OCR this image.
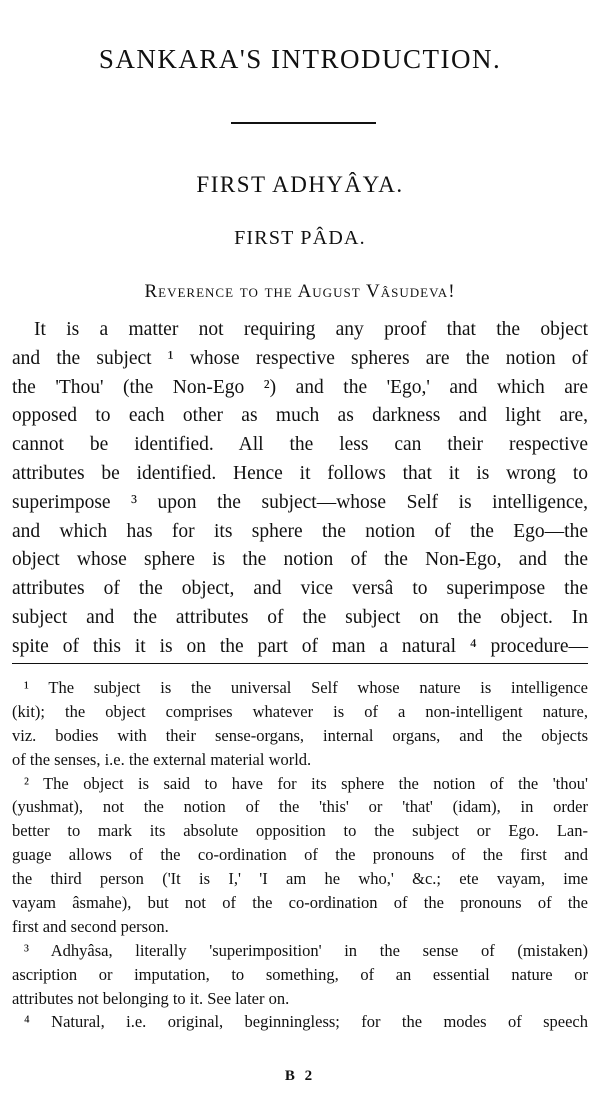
SANKARA'S INTRODUCTION.
FIRST ADHYÂYA.
FIRST PÂDA.
Reverence to the August Vâsudeva!
It is a matter not requiring any proof that the object
and the subject ¹ whose respective spheres are the notion of
the 'Thou' (the Non-Ego ²) and the 'Ego,' and which are
opposed to each other as much as darkness and light are,
cannot be identified. All the less can their respective
attributes be identified. Hence it follows that it is wrong to
superimpose ³ upon the subject—whose Self is intelligence,
and which has for its sphere the notion of the Ego—the
object whose sphere is the notion of the Non-Ego, and the
attributes of the object, and vice versâ to superimpose the
subject and the attributes of the subject on the object. In
spite of this it is on the part of man a natural ⁴ procedure—
¹ The subject is the universal Self whose nature is intelligence
(kit); the object comprises whatever is of a non-intelligent nature,
viz. bodies with their sense-organs, internal organs, and the objects
of the senses, i.e. the external material world.
² The object is said to have for its sphere the notion of the 'thou'
(yushmat), not the notion of the 'this' or 'that' (idam), in order
better to mark its absolute opposition to the subject or Ego. Lan-
guage allows of the co-ordination of the pronouns of the first and
the third person ('It is I,' 'I am he who,' &c.; ete vayam, ime
vayam âsmahe), but not of the co-ordination of the pronouns of the
first and second person.
³ Adhyâsa, literally 'superimposition' in the sense of (mistaken)
ascription or imputation, to something, of an essential nature or
attributes not belonging to it. See later on.
⁴ Natural, i.e. original, beginningless; for the modes of speech
B 2
